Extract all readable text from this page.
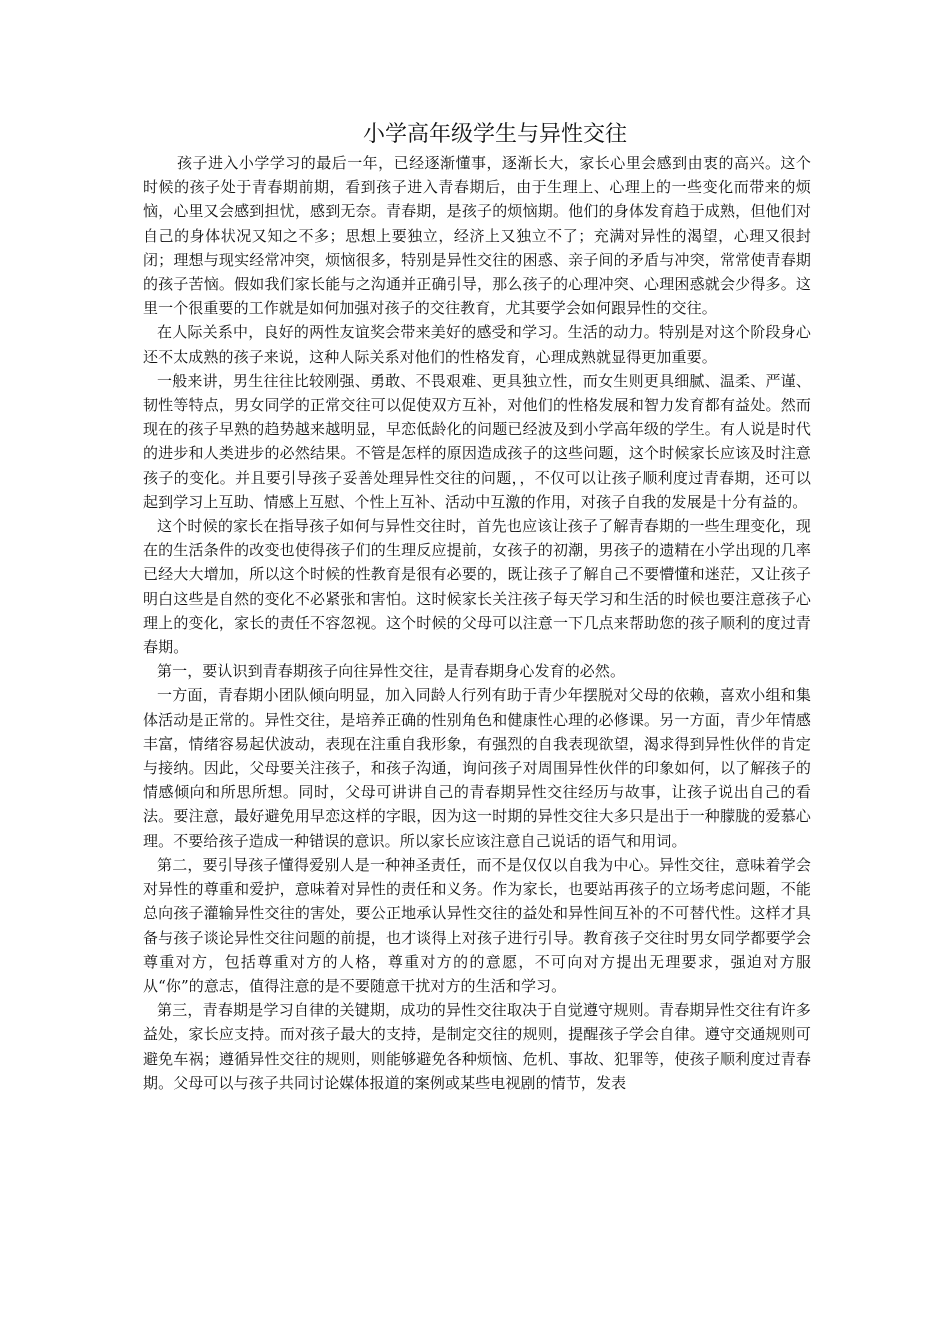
小学高年级学生与异性交往

孩子进入小学学习的最后一年，已经逐渐懂事，逐渐长大，家长心里会感到由衷的高兴。这个时候的孩子处于青春期前期，看到孩子进入青春期后，由于生理上、心理上的一些变化而带来的烦恼，心里又会感到担忧，感到无奈。青春期，是孩子的烦恼期。他们的身体发育趋于成熟，但他们对自己的身体状况又知之不多；思想上要独立，经济上又独立不了；充满对异性的渴望，心理又很封闭；理想与现实经常冲突，烦恼很多，特别是异性交往的困惑、亲子间的矛盾与冲突，常常使青春期的孩子苦恼。假如我们家长能与之沟通并正确引导，那么孩子的心理冲突、心理困惑就会少得多。这里一个很重要的工作就是如何加强对孩子的交往教育，尤其要学会如何跟异性的交往。

在人际关系中，良好的两性友谊奖会带来美好的感受和学习。生活的动力。特别是对这个阶段身心还不太成熟的孩子来说，这种人际关系对他们的性格发育，心理成熟就显得更加重要。

一般来讲，男生往往比较刚强、勇敢、不畏艰难、更具独立性，而女生则更具细腻、温柔、严谨、韧性等特点，男女同学的正常交往可以促使双方互补，对他们的性格发展和智力发育都有益处。然而现在的孩子早熟的趋势越来越明显，早恋低龄化的问题已经波及到小学高年级的学生。有人说是时代的进步和人类进步的必然结果。不管是怎样的原因造成孩子的这些问题，这个时候家长应该及时注意孩子的变化。并且要引导孩子妥善处理异性交往的问题，，不仅可以让孩子顺利度过青春期，还可以起到学习上互助、情感上互慰、个性上互补、活动中互激的作用，对孩子自我的发展是十分有益的。

这个时候的家长在指导孩子如何与异性交往时，首先也应该让孩子了解青春期的一些生理变化，现在的生活条件的改变也使得孩子们的生理反应提前，女孩子的初潮，男孩子的遗精在小学出现的几率已经大大增加，所以这个时候的性教育是很有必要的，既让孩子了解自己不要懵懂和迷茫，又让孩子明白这些是自然的变化不必紧张和害怕。这时候家长关注孩子每天学习和生活的时候也要注意孩子心理上的变化，家长的责任不容忽视。这个时候的父母可以注意一下几点来帮助您的孩子顺利的度过青春期。

第一，要认识到青春期孩子向往异性交往，是青春期身心发育的必然。

一方面，青春期小团队倾向明显，加入同龄人行列有助于青少年摆脱对父母的依赖，喜欢小组和集体活动是正常的。异性交往，是培养正确的性别角色和健康性心理的必修课。另一方面，青少年情感丰富，情绪容易起伏波动，表现在注重自我形象，有强烈的自我表现欲望，渴求得到异性伙伴的肯定与接纳。因此，父母要关注孩子，和孩子沟通，询问孩子对周围异性伙伴的印象如何，以了解孩子的情感倾向和所思所想。同时，父母可讲讲自己的青春期异性交往经历与故事，让孩子说出自己的看法。要注意，最好避免用早恋这样的字眼，因为这一时期的异性交往大多只是出于一种朦胧的爱慕心理。不要给孩子造成一种错误的意识。所以家长应该注意自己说话的语气和用词。

第二，要引导孩子懂得爱别人是一种神圣责任，而不是仅仅以自我为中心。异性交往，意味着学会对异性的尊重和爱护，意味着对异性的责任和义务。作为家长，也要站再孩子的立场考虑问题，不能总向孩子灌输异性交往的害处，要公正地承认异性交往的益处和异性间互补的不可替代性。这样才具备与孩子谈论异性交往问题的前提，也才谈得上对孩子进行引导。教育孩子交往时男女同学都要学会尊重对方，包括尊重对方的人格，尊重对方的的意愿，不可向对方提出无理要求，强迫对方服从“你”的意志，值得注意的是不要随意干扰对方的生活和学习。

第三，青春期是学习自律的关键期，成功的异性交往取决于自觉遵守规则。青春期异性交往有许多益处，家长应支持。而对孩子最大的支持，是制定交往的规则，提醒孩子学会自律。遵守交通规则可避免车祸；遵循异性交往的规则，则能够避免各种烦恼、危机、事故、犯罪等，使孩子顺利度过青春期。父母可以与孩子共同讨论媒体报道的案例或某些电视剧的情节，发表
